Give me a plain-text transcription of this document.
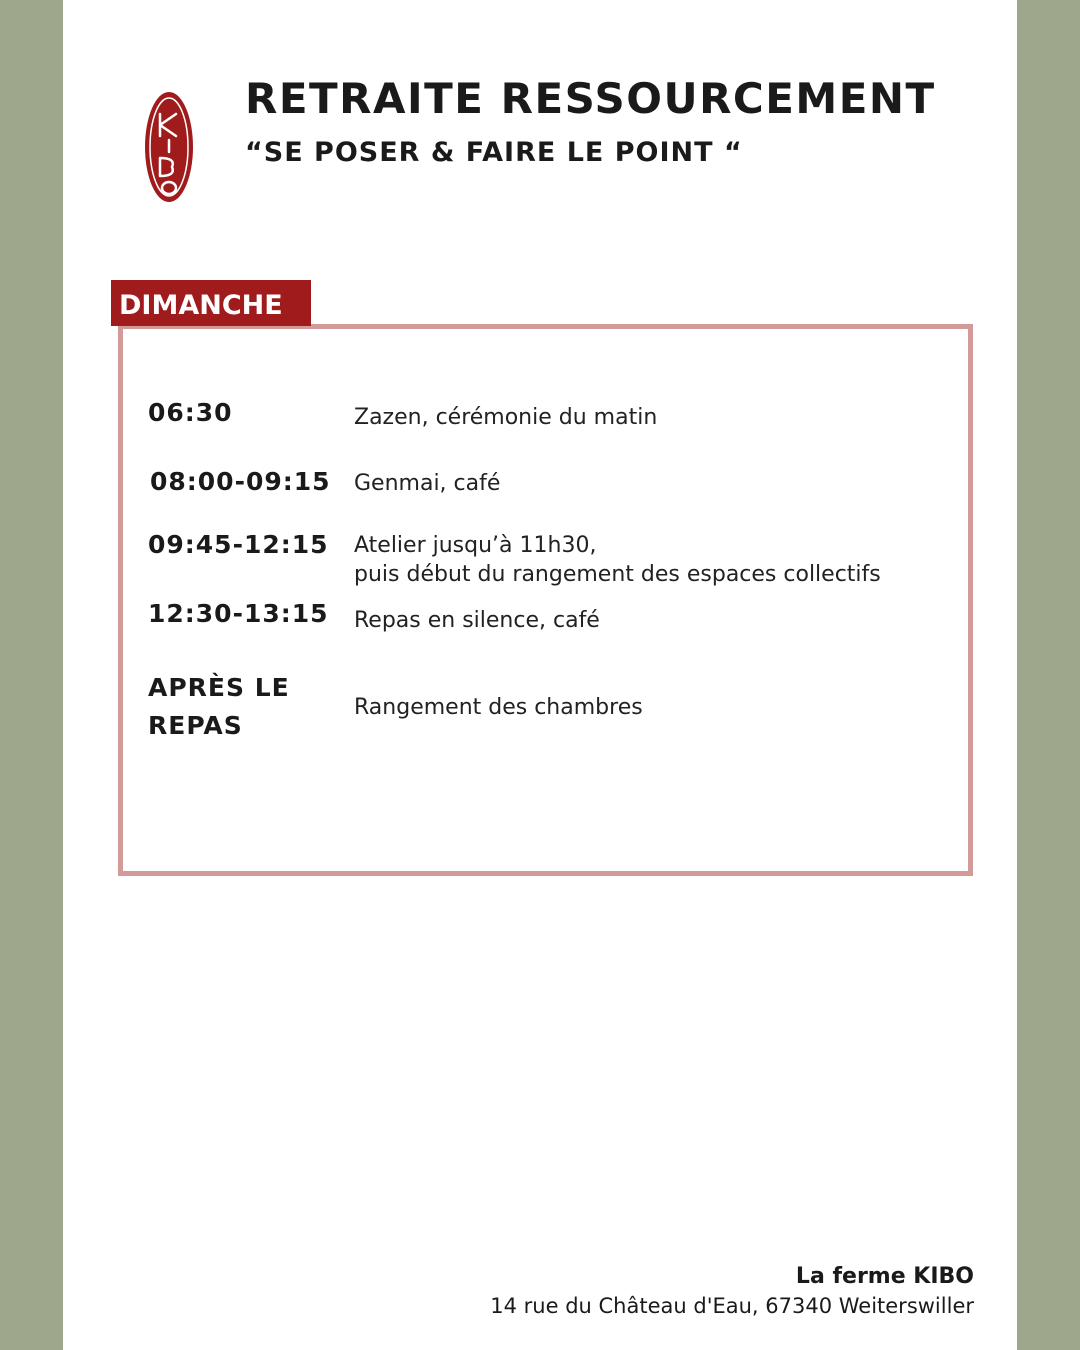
RETRAITE RESSOURCEMENT
“SE POSER & FAIRE LE POINT “
DIMANCHE
06:30	Zazen, cérémonie du matin
08:00-09:15 Genmai, café
09:45-12:15 Atelier jusqu’à 11h30,
puis début du rangement des espaces collectifs
12:30-13:15 Repas en silence, café
APRÈS LE
REPAS
Rangement des chambres
La ferme KIBO
14 rue du Château d'Eau, 67340 Weiterswiller
